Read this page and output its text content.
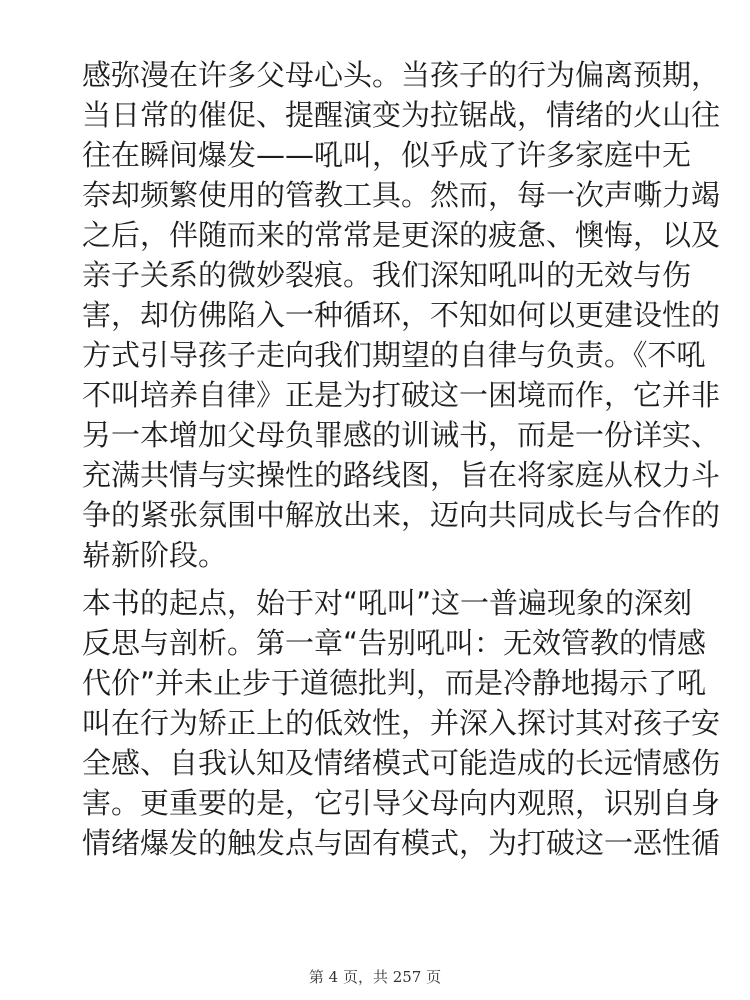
感弥漫在许多父母心头。当孩子的行为偏离预期，
当日常的催促、提醒演变为拉锯战，情绪的火山往
往在瞬间爆发——吼叫，似乎成了许多家庭中无
奈却频繁使用的管教工具。然而，每一次声嘶力竭
之后，伴随而来的常常是更深的疲惫、懊悔，以及
亲子关系的微妙裂痕。我们深知吼叫的无效与伤
害，却仿佛陷入一种循环，不知如何以更建设性的
方式引导孩子走向我们期望的自律与负责。《不吼
不叫培养自律》正是为打破这一困境而作，它并非
另一本增加父母负罪感的训诫书，而是一份详实、
充满共情与实操性的路线图，旨在将家庭从权力斗
争的紧张氛围中解放出来，迈向共同成长与合作的
崭新阶段。

本书的起点，始于对“吼叫”这一普遍现象的深刻
反思与剖析。第一章“告别吼叫：无效管教的情感
代价”并未止步于道德批判，而是冷静地揭示了吼
叫在行为矫正上的低效性，并深入探讨其对孩子安
全感、自我认知及情绪模式可能造成的长远情感伤
害。更重要的是，它引导父母向内观照，识别自身
情绪爆发的触发点与固有模式，为打破这一恶性循

第 4 页，共 257 页
